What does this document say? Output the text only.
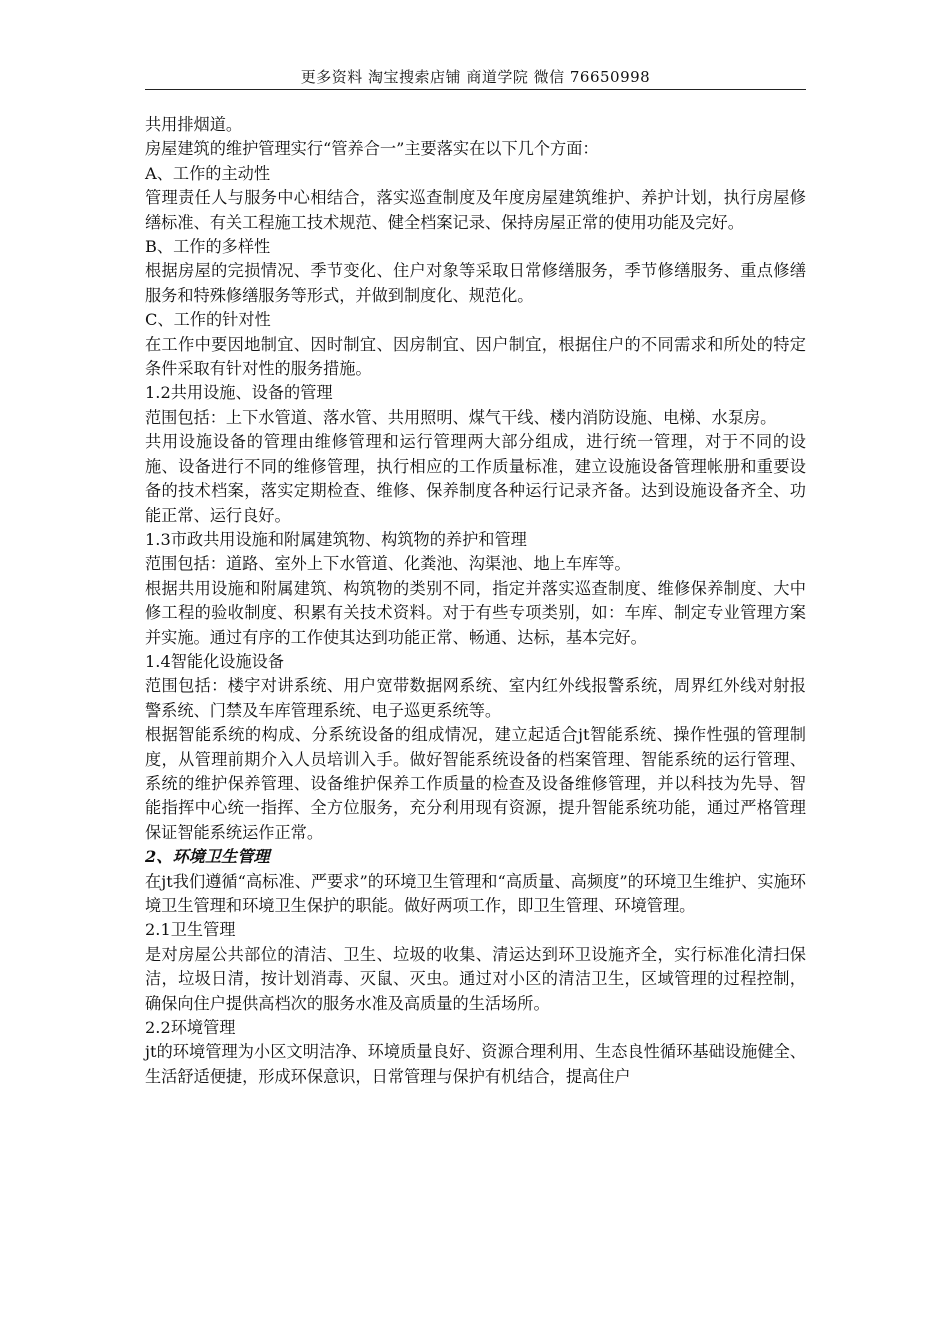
更多资料 淘宝搜索店铺 商道学院 微信 76650998

共用排烟道。

房屋建筑的维护管理实行“管养合一”主要落实在以下几个方面：

A、工作的主动性

管理责任人与服务中心相结合，落实巡查制度及年度房屋建筑维护、养护计划，执行房屋修缮标准、有关工程施工技术规范、健全档案记录、保持房屋正常的使用功能及完好。

B、工作的多样性

根据房屋的完损情况、季节变化、住户对象等采取日常修缮服务，季节修缮服务、重点修缮服务和特殊修缮服务等形式，并做到制度化、规范化。

C、工作的针对性

在工作中要因地制宜、因时制宜、因房制宜、因户制宜，根据住户的不同需求和所处的特定条件采取有针对性的服务措施。

1.2共用设施、设备的管理

范围包括：上下水管道、落水管、共用照明、煤气干线、楼内消防设施、电梯、水泵房。

共用设施设备的管理由维修管理和运行管理两大部分组成，进行统一管理，对于不同的设施、设备进行不同的维修管理，执行相应的工作质量标准，建立设施设备管理帐册和重要设备的技术档案，落实定期检查、维修、保养制度各种运行记录齐备。达到设施设备齐全、功能正常、运行良好。

1.3市政共用设施和附属建筑物、构筑物的养护和管理

范围包括：道路、室外上下水管道、化粪池、沟渠池、地上车库等。

根据共用设施和附属建筑、构筑物的类别不同，指定并落实巡查制度、维修保养制度、大中修工程的验收制度、积累有关技术资料。对于有些专项类别，如：车库、制定专业管理方案并实施。通过有序的工作使其达到功能正常、畅通、达标，基本完好。

1.4智能化设施设备

范围包括：楼宇对讲系统、用户宽带数据网系统、室内红外线报警系统，周界红外线对射报警系统、门禁及车库管理系统、电子巡更系统等。

根据智能系统的构成、分系统设备的组成情况，建立起适合jt智能系统、操作性强的管理制度，从管理前期介入人员培训入手。做好智能系统设备的档案管理、智能系统的运行管理、系统的维护保养管理、设备维护保养工作质量的检查及设备维修管理，并以科技为先导、智能指挥中心统一指挥、全方位服务，充分利用现有资源，提升智能系统功能，通过严格管理保证智能系统运作正常。

2、环境卫生管理

在jt我们遵循“高标准、严要求”的环境卫生管理和“高质量、高频度”的环境卫生维护、实施环境卫生管理和环境卫生保护的职能。做好两项工作，即卫生管理、环境管理。

2.1卫生管理

是对房屋公共部位的清洁、卫生、垃圾的收集、清运达到环卫设施齐全，实行标准化清扫保洁，垃圾日清，按计划消毒、灭鼠、灭虫。通过对小区的清洁卫生，区域管理的过程控制，确保向住户提供高档次的服务水准及高质量的生活场所。

2.2环境管理

jt的环境管理为小区文明洁净、环境质量良好、资源合理利用、生态良性循环基础设施健全、生活舒适便捷，形成环保意识，日常管理与保护有机结合，提高住户
